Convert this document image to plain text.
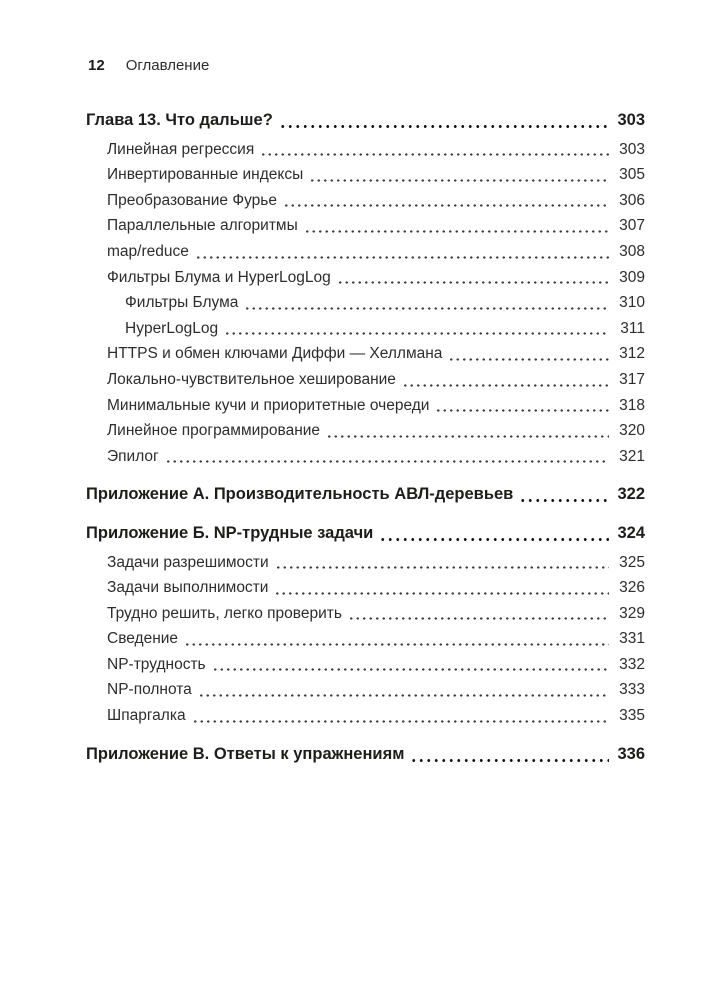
12 Оглавление
Глава 13. Что дальше?	303
Линейная регрессия	303
Инвертированные индексы	305
Преобразование Фурье	306
Параллельные алгоритмы	307
map/reduce	308
Фильтры Блума и HyperLogLog	309
Фильтры Блума	310
HyperLogLog	311
HTTPS и обмен ключами Диффи — Хеллмана	312
Локально-чувствительное хеширование	317
Минимальные кучи и приоритетные очереди	318
Линейное программирование	320
Эпилог	321
Приложение А. Производительность АВЛ-деревьев	322
Приложение Б. NP-трудные задачи	324
Задачи разрешимости	325
Задачи выполнимости	326
Трудно решить, легко проверить	329
Сведение	331
NP-трудность	332
NP-полнота	333
Шпаргалка	335
Приложение В. Ответы к упражнениям	336
